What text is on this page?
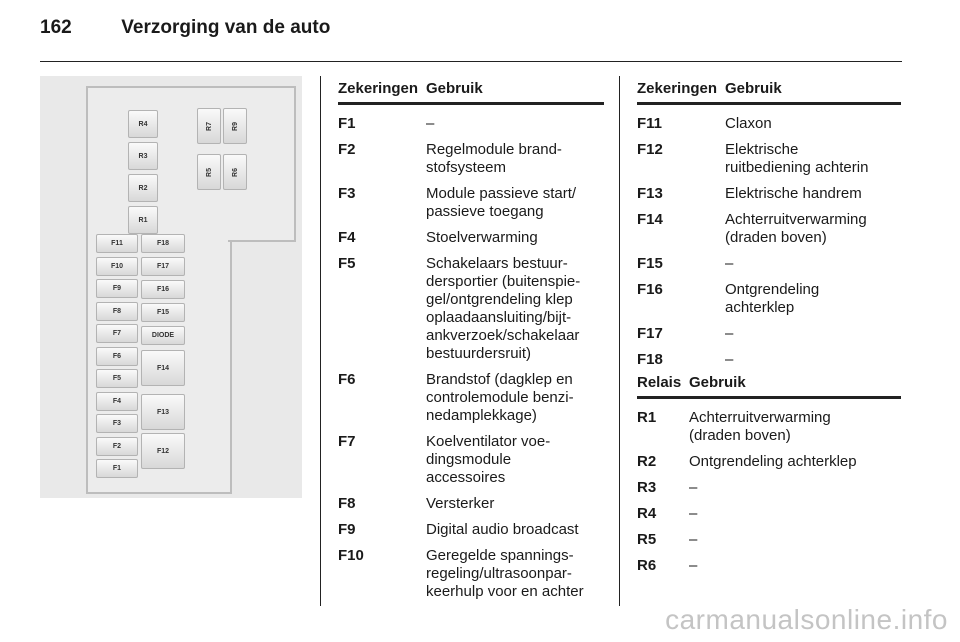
162	Verzorging van de auto
R4
R3
R2
R1
R7	R9
R5	R6
F11
F10
F9
F8
F7
F6
F5
F4
F3
F2
F1
F18
F17
F16
F15
DIODE
F14
F13
F12
Zekeringen Gebruik
F1	–
F2	Regelmodule brand-
stofsysteem
F3	Module passieve start/
passieve toegang
F4	Stoelverwarming
F5	Schakelaars bestuur-
dersportier (buitenspie-
gel/ontgrendeling klep
oplaadaansluiting/bijt-
ankverzoek/schakelaar
bestuurdersruit)
F6	Brandstof (dagklep en
controlemodule benzi-
nedamplekkage)
F7	Koelventilator voe-
dingsmodule
accessoires
F8	Versterker
F9	Digital audio broadcast
F10	Geregelde spannings-
regeling/ultrasoonpar-
keerhulp voor en achter
Zekeringen Gebruik
F11	Claxon
F12	Elektrische
ruitbediening achterin
F13	Elektrische handrem
F14	Achterruitverwarming
(draden boven)
F15	–
F16	Ontgrendeling
achterklep
F17	–
F18	–
Relais Gebruik
R1	Achterruitverwarming
(draden boven)
R2	Ontgrendeling achterklep
R3	–
R4	–
R5	–
R6	–
carmanualsonline.info
